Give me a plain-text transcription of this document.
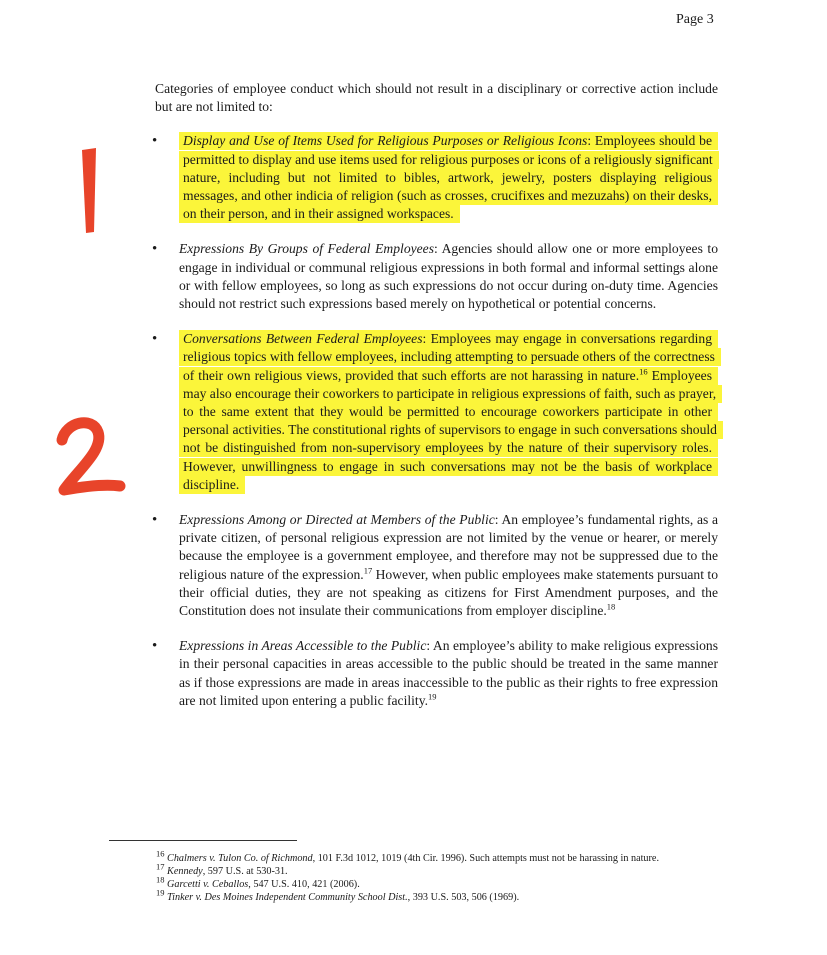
Page 3

Categories of employee conduct which should not result in a disciplinary or corrective action include but are not limited to:

• Display and Use of Items Used for Religious Purposes or Religious Icons: Employees should be permitted to display and use items used for religious purposes or icons of a religiously significant nature, including but not limited to bibles, artwork, jewelry, posters displaying religious messages, and other indicia of religion (such as crosses, crucifixes and mezuzahs) on their desks, on their person, and in their assigned workspaces.

• Expressions By Groups of Federal Employees: Agencies should allow one or more employees to engage in individual or communal religious expressions in both formal and informal settings alone or with fellow employees, so long as such expressions do not occur during on-duty time. Agencies should not restrict such expressions based merely on hypothetical or potential concerns.

• Conversations Between Federal Employees: Employees may engage in conversations regarding religious topics with fellow employees, including attempting to persuade others of the correctness of their own religious views, provided that such efforts are not harassing in nature.$^{16}$ Employees may also encourage their coworkers to participate in religious expressions of faith, such as prayer, to the same extent that they would be permitted to encourage coworkers participate in other personal activities. The constitutional rights of supervisors to engage in such conversations should not be distinguished from non-supervisory employees by the nature of their supervisory roles. However, unwillingness to engage in such conversations may not be the basis of workplace discipline.

• Expressions Among or Directed at Members of the Public: An employee’s fundamental rights, as a private citizen, of personal religious expression are not limited by the venue or hearer, or merely because the employee is a government employee, and therefore may not be suppressed due to the religious nature of the expression.$^{17}$ However, when public employees make statements pursuant to their official duties, they are not speaking as citizens for First Amendment purposes, and the Constitution does not insulate their communications from employer discipline.$^{18}$

• Expressions in Areas Accessible to the Public: An employee’s ability to make religious expressions in their personal capacities in areas accessible to the public should be treated in the same manner as if those expressions are made in areas inaccessible to the public as their rights to free expression are not limited upon entering a public facility.$^{19}$

$^{16}$ Chalmers v. Tulon Co. of Richmond, 101 F.3d 1012, 1019 (4th Cir. 1996). Such attempts must not be harassing in nature.

$^{17}$ Kennedy, 597 U.S. at 530-31.

$^{18}$ Garcetti v. Ceballos, 547 U.S. 410, 421 (2006).

$^{19}$ Tinker v. Des Moines Independent Community School Dist., 393 U.S. 503, 506 (1969).
